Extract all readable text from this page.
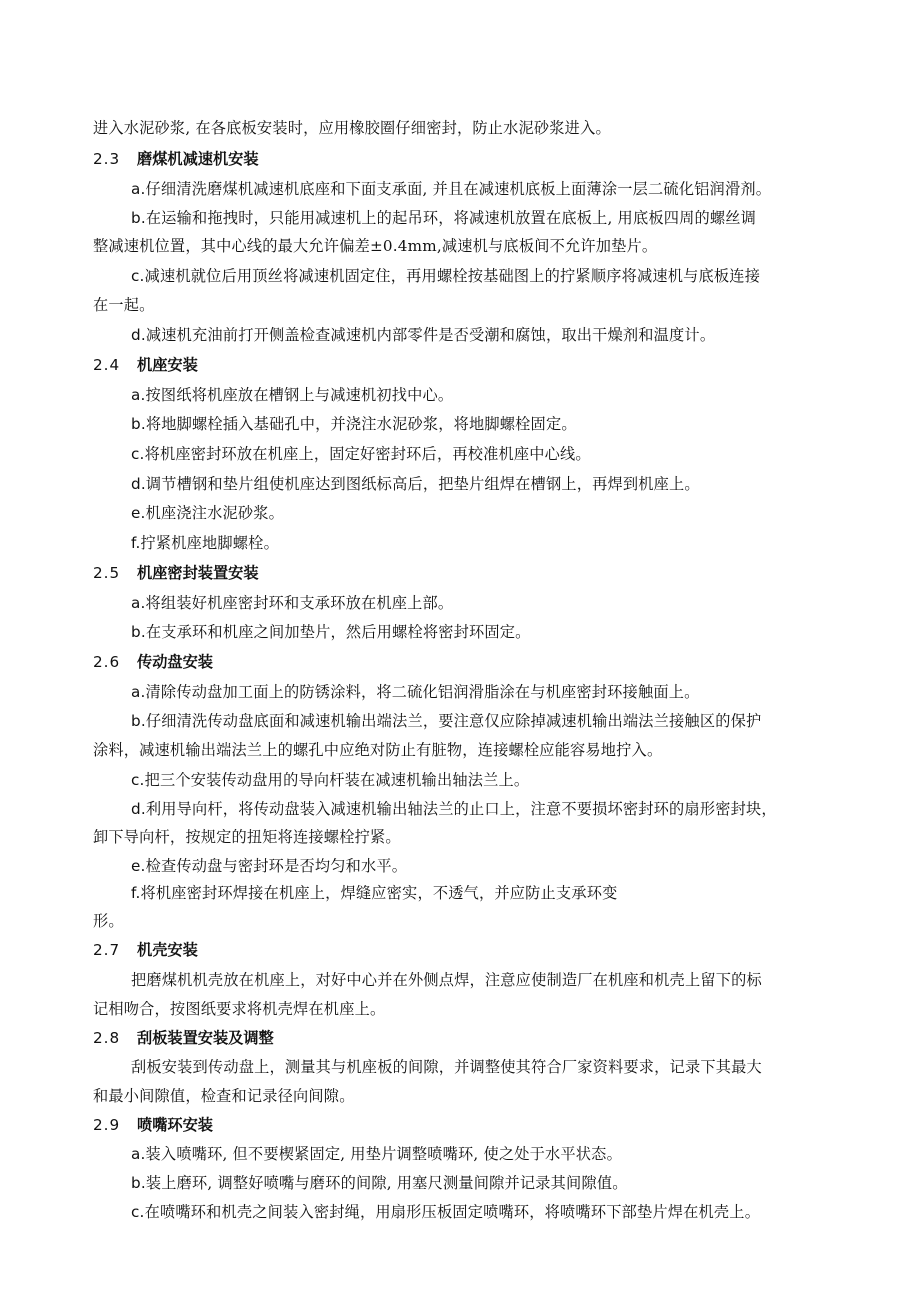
进入水泥砂浆, 在各底板安装时，应用橡胶圈仔细密封，防止水泥砂浆进入。
2.3 磨煤机减速机安装
a.仔细清洗磨煤机减速机底座和下面支承面, 并且在减速机底板上面薄涂一层二硫化铝润滑剂。
b.在运输和拖拽时，只能用减速机上的起吊环，将减速机放置在底板上, 用底板四周的螺丝调
整减速机位置，其中心线的最大允许偏差±0.4mm,减速机与底板间不允许加垫片。
c.减速机就位后用顶丝将减速机固定住，再用螺栓按基础图上的拧紧顺序将减速机与底板连接
在一起。
d.减速机充油前打开侧盖检查减速机内部零件是否受潮和腐蚀，取出干燥剂和温度计。
2.4 机座安装
a.按图纸将机座放在槽钢上与减速机初找中心。
b.将地脚螺栓插入基础孔中，并浇注水泥砂浆，将地脚螺栓固定。
c.将机座密封环放在机座上，固定好密封环后，再校准机座中心线。
d.调节槽钢和垫片组使机座达到图纸标高后，把垫片组焊在槽钢上，再焊到机座上。
e.机座浇注水泥砂浆。
f.拧紧机座地脚螺栓。
2.5 机座密封装置安装
a.将组装好机座密封环和支承环放在机座上部。
b.在支承环和机座之间加垫片，然后用螺栓将密封环固定。
2.6 传动盘安装
a.清除传动盘加工面上的防锈涂料，将二硫化铝润滑脂涂在与机座密封环接触面上。
b.仔细清洗传动盘底面和减速机输出端法兰，要注意仅应除掉减速机输出端法兰接触区的保护
涂料，减速机输出端法兰上的螺孔中应绝对防止有脏物，连接螺栓应能容易地拧入。
c.把三个安装传动盘用的导向杆装在减速机输出轴法兰上。
d.利用导向杆，将传动盘装入减速机输出轴法兰的止口上，注意不要损坏密封环的扇形密封块，
卸下导向杆，按规定的扭矩将连接螺栓拧紧。
e.检查传动盘与密封环是否均匀和水平。
f.将机座密封环焊接在机座上，焊缝应密实，不透气，并应防止支承环变
形。
2.7 机壳安装
把磨煤机机壳放在机座上，对好中心并在外侧点焊，注意应使制造厂在机座和机壳上留下的标
记相吻合，按图纸要求将机壳焊在机座上。
2.8 刮板装置安装及调整
刮板安装到传动盘上，测量其与机座板的间隙，并调整使其符合厂家资料要求，记录下其最大
和最小间隙值，检查和记录径向间隙。
2.9 喷嘴环安装
a.装入喷嘴环, 但不要楔紧固定, 用垫片调整喷嘴环, 使之处于水平状态。
b.装上磨环, 调整好喷嘴与磨环的间隙, 用塞尺测量间隙并记录其间隙值。
c.在喷嘴环和机壳之间装入密封绳，用扇形压板固定喷嘴环，将喷嘴环下部垫片焊在机壳上。
